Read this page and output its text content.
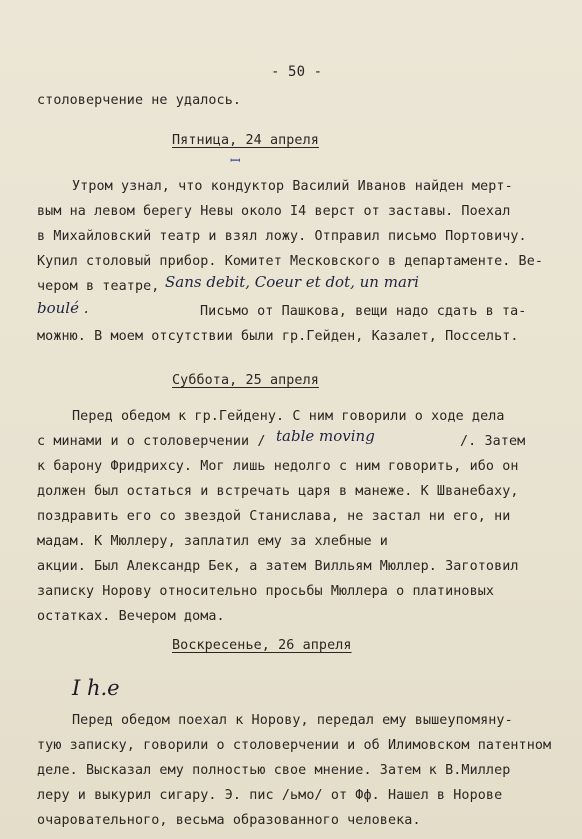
- 50 -
столоверчение не удалось.
Пятница, 24 апреля
ꟷ
Утром узнал, что кондуктор Василий Иванов найден мерт-
вым на левом берегу Невы около I4 верст от заставы. Поехал
в Михайловский театр и взял ложу. Отправил письмо Портовичу.
Купил столовый прибор. Комитет Месковского в департаменте. Ве-
чером в театре, Sans debit, Coeur et dot, un mari
boulé .	Письмо от Пашкова, вещи надо сдать в та-
можню. В моем отсутствии были гр.Гейден, Казалет, Поссельт.
Суббота, 25 апреля
Перед обедом к гр.Гейдену. С ним говорили о ходе дела
с минами и о столоверчении / table moving	/. Затем
к барону Фридрихсу. Мог лишь недолго с ним говорить, ибо он
должен был остаться и встречать царя в манеже. К Шванебаху,
поздравить его со звездой Станислава, не застал ни его, ни
мадам. К Мюллеру, заплатил ему за хлебные и
акции. Был Александр Бек, а затем Вилльям Мюллер. Заготовил
записку Норову относительно просьбы Мюллера о платиновых
остатках. Вечером дома.
Воскресенье, 26 апреля
I h.e
Перед обедом поехал к Норову, передал ему вышеупомяну-
тую записку, говорили о столоверчении и об Илимовском патентном
деле. Высказал ему полностью свое мнение. Затем к В.Миллер
лерy и выкурил сигару. Э. пис /ьмо/ от Фф. Нашел в Норове
очаровательного, весьма образованного человека.
